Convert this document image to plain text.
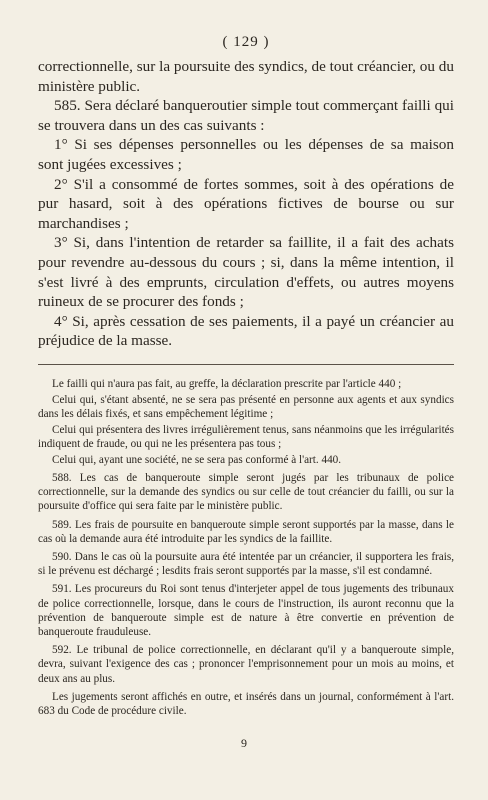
( 129 )

correctionnelle, sur la poursuite des syndics, de tout créancier, ou du ministère public.

585. Sera déclaré banqueroutier simple tout commerçant failli qui se trouvera dans un des cas suivants :

1° Si ses dépenses personnelles ou les dépenses de sa maison sont jugées excessives ;

2° S'il a consommé de fortes sommes, soit à des opérations de pur hasard, soit à des opérations fictives de bourse ou sur marchandises ;

3° Si, dans l'intention de retarder sa faillite, il a fait des achats pour revendre au-dessous du cours ; si, dans la même intention, il s'est livré à des emprunts, circulation d'effets, ou autres moyens ruineux de se procurer des fonds ;

4° Si, après cessation de ses paiements, il a payé un créancier au préjudice de la masse.

Le failli qui n'aura pas fait, au greffe, la déclaration prescrite par l'article 440 ;

Celui qui, s'étant absenté, ne se sera pas présenté en personne aux agents et aux syndics dans les délais fixés, et sans empêchement légitime ;

Celui qui présentera des livres irrégulièrement tenus, sans néanmoins que les irrégularités indiquent de fraude, ou qui ne les présentera pas tous ;

Celui qui, ayant une société, ne se sera pas conformé à l'art. 440.

588. Les cas de banqueroute simple seront jugés par les tribunaux de police correctionnelle, sur la demande des syndics ou sur celle de tout créancier du failli, ou sur la poursuite d'office qui sera faite par le ministère public.

589. Les frais de poursuite en banqueroute simple seront supportés par la masse, dans le cas où la demande aura été introduite par les syndics de la faillite.

590. Dans le cas où la poursuite aura été intentée par un créancier, il supportera les frais, si le prévenu est déchargé ; lesdits frais seront supportés par la masse, s'il est condamné.

591. Les procureurs du Roi sont tenus d'interjeter appel de tous jugements des tribunaux de police correctionnelle, lorsque, dans le cours de l'instruction, ils auront reconnu que la prévention de banqueroute simple est de nature à être convertie en prévention de banqueroute frauduleuse.

592. Le tribunal de police correctionnelle, en déclarant qu'il y a banqueroute simple, devra, suivant l'exigence des cas ; prononcer l'emprisonnement pour un mois au moins, et deux ans au plus.

Les jugements seront affichés en outre, et insérés dans un journal, conformément à l'art. 683 du Code de procédure civile.

9
